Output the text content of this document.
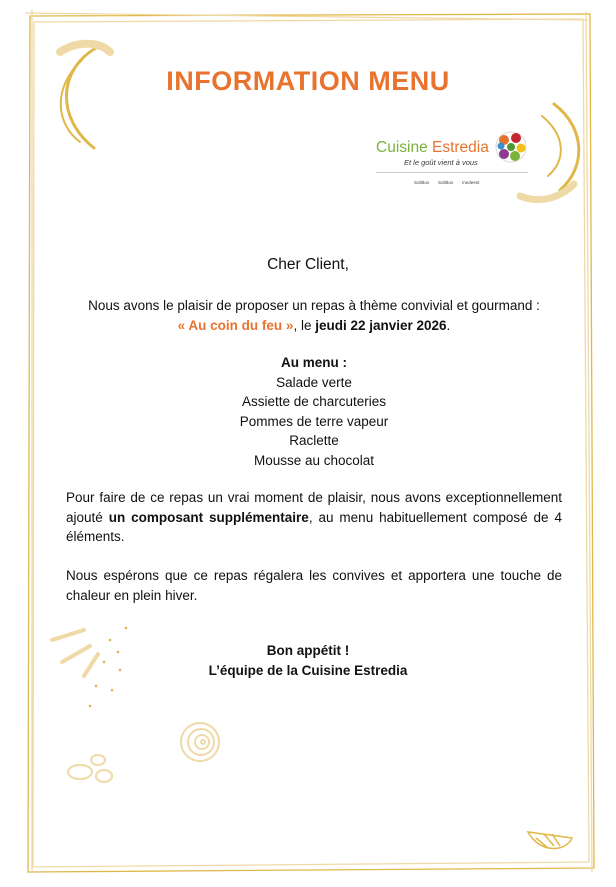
INFORMATION MENU
Cuisine Estredia
Et le goût vient à vous
SoliBox SoliBox medeest
Cher Client,
Nous avons le plaisir de proposer un repas à thème convivial et gourmand :
« Au coin du feu », le jeudi 22 janvier 2026.
Au menu :
Salade verte
Assiette de charcuteries
Pommes de terre vapeur
Raclette
Mousse au chocolat
Pour faire de ce repas un vrai moment de plaisir, nous avons exceptionnellement ajouté un composant supplémentaire, au menu habituellement composé de 4 éléments.
Nous espérons que ce repas régalera les convives et apportera une touche de chaleur en plein hiver.
Bon appétit !
L’équipe de la Cuisine Estredia
